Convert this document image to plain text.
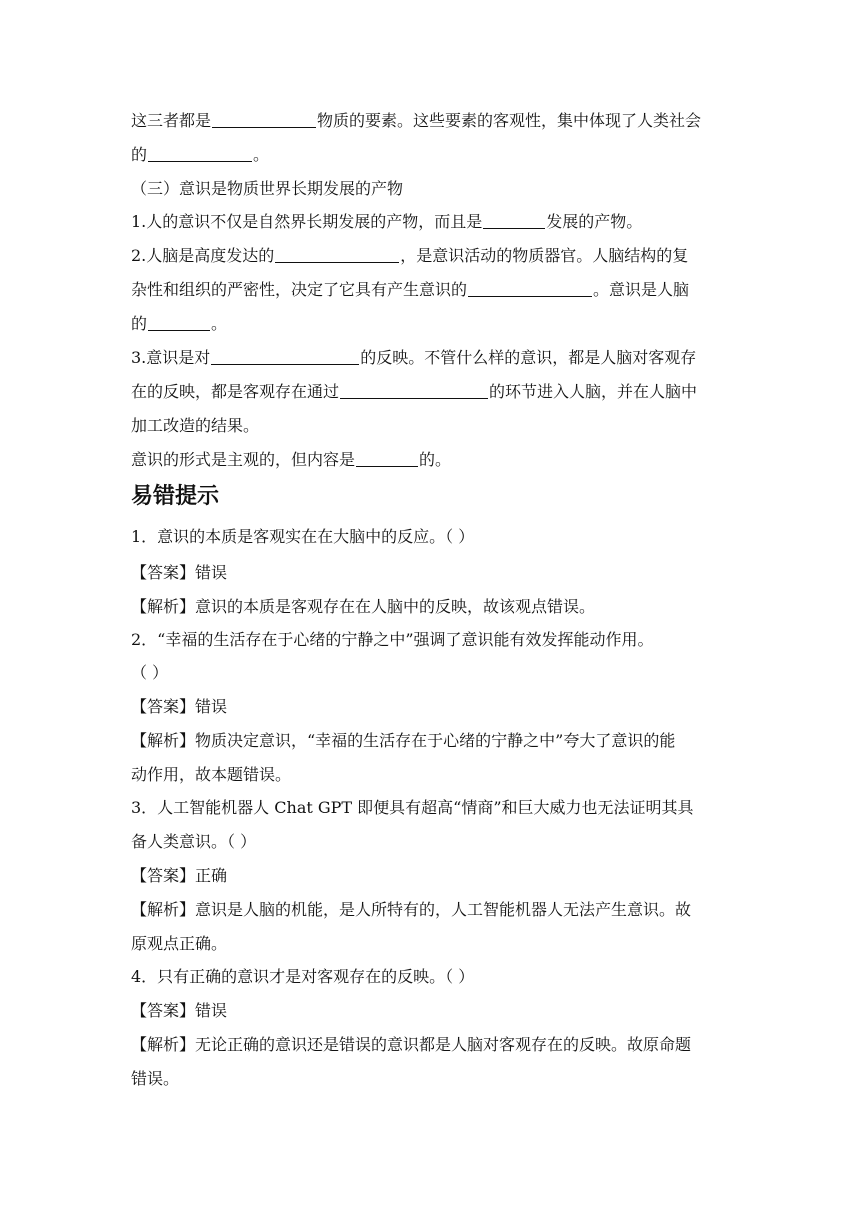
这三者都是	物质的要素。这些要素的客观性，集中体现了人类社会
的	。
（三）意识是物质世界长期发展的产物
1.人的意识不仅是自然界长期发展的产物，而且是	发展的产物。
2.人脑是高度发达的	，是意识活动的物质器官。人脑结构的复
杂性和组织的严密性，决定了它具有产生意识的	。意识是人脑
的	。
3.意识是对	的反映。不管什么样的意识，都是人脑对客观存
在的反映，都是客观存在通过	的环节进入人脑，并在人脑中
加工改造的结果。
意识的形式是主观的，但内容是	的。
易错提示
1．意识的本质是客观实在在大脑中的反应。（ ）
【答案】错误
【解析】意识的本质是客观存在在人脑中的反映，故该观点错误。
2．“幸福的生活存在于心绪的宁静之中”强调了意识能有效发挥能动作用。
（ ）
【答案】错误
【解析】物质决定意识，“幸福的生活存在于心绪的宁静之中”夸大了意识的能
动作用，故本题错误。
3．人工智能机器人 Chat GPT 即便具有超高“情商”和巨大威力也无法证明其具
备人类意识。（ ）
【答案】正确
【解析】意识是人脑的机能，是人所特有的，人工智能机器人无法产生意识。故
原观点正确。
4．只有正确的意识才是对客观存在的反映。（ ）
【答案】错误
【解析】无论正确的意识还是错误的意识都是人脑对客观存在的反映。故原命题
错误。
